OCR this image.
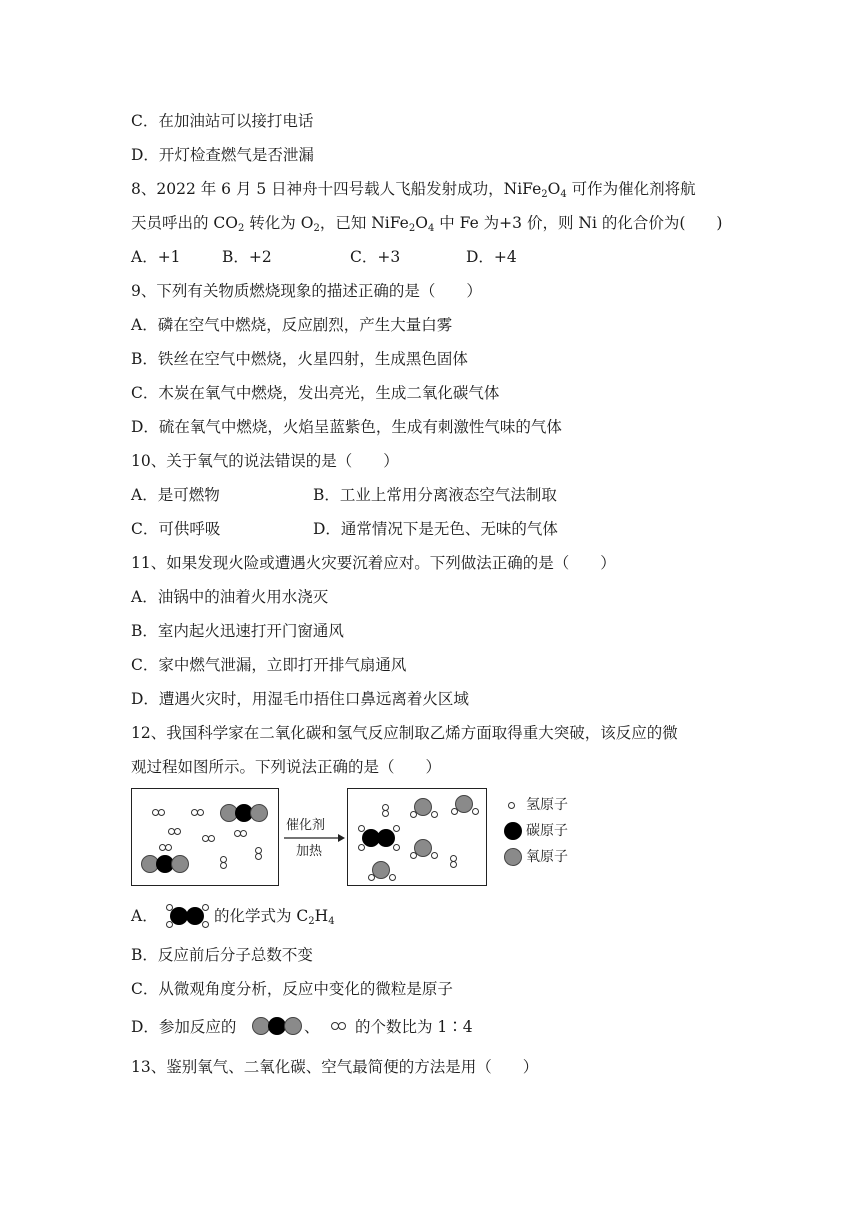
C．在加油站可以接打电话
D．开灯检查燃气是否泄漏
8、2022 年 6 月 5 日神舟十四号载人飞船发射成功，$NiFe_2O_4$ 可作为催化剂将航
天员呼出的 $CO_2$ 转化为 $O_2$，已知 $NiFe_2O_4$ 中 Fe 为+3 价，则 Ni 的化合价为(　　)
A．+1	B．+2	C．+3	D．+4
9、下列有关物质燃烧现象的描述正确的是（　　）
A．磷在空气中燃烧，反应剧烈，产生大量白雾
B．铁丝在空气中燃烧，火星四射，生成黑色固体
C．木炭在氧气中燃烧，发出亮光，生成二氧化碳气体
D．硫在氧气中燃烧，火焰呈蓝紫色，生成有刺激性气味的气体
10、关于氧气的说法错误的是（　　）
A．是可燃物	B．工业上常用分离液态空气法制取
C．可供呼吸	D．通常情况下是无色、无味的气体
11、如果发现火险或遭遇火灾要沉着应对。下列做法正确的是（　　）
A．油锅中的油着火用水浇灭
B．室内起火迅速打开门窗通风
C．家中燃气泄漏，立即打开排气扇通风
D．遭遇火灾时，用湿毛巾捂住口鼻远离着火区域
12、我国科学家在二氧化碳和氢气反应制取乙烯方面取得重大突破，该反应的微
观过程如图所示。下列说法正确的是（　　）
催化剂
加热
氢原子
碳原子
氧原子
A．	的化学式为 $C_2H_4$
B．反应前后分子总数不变
C．从微观角度分析，反应中变化的微粒是原子
D．参加反应的	、 的个数比为 1∶4
13、鉴别氧气、二氧化碳、空气最简便的方法是用（　　）
